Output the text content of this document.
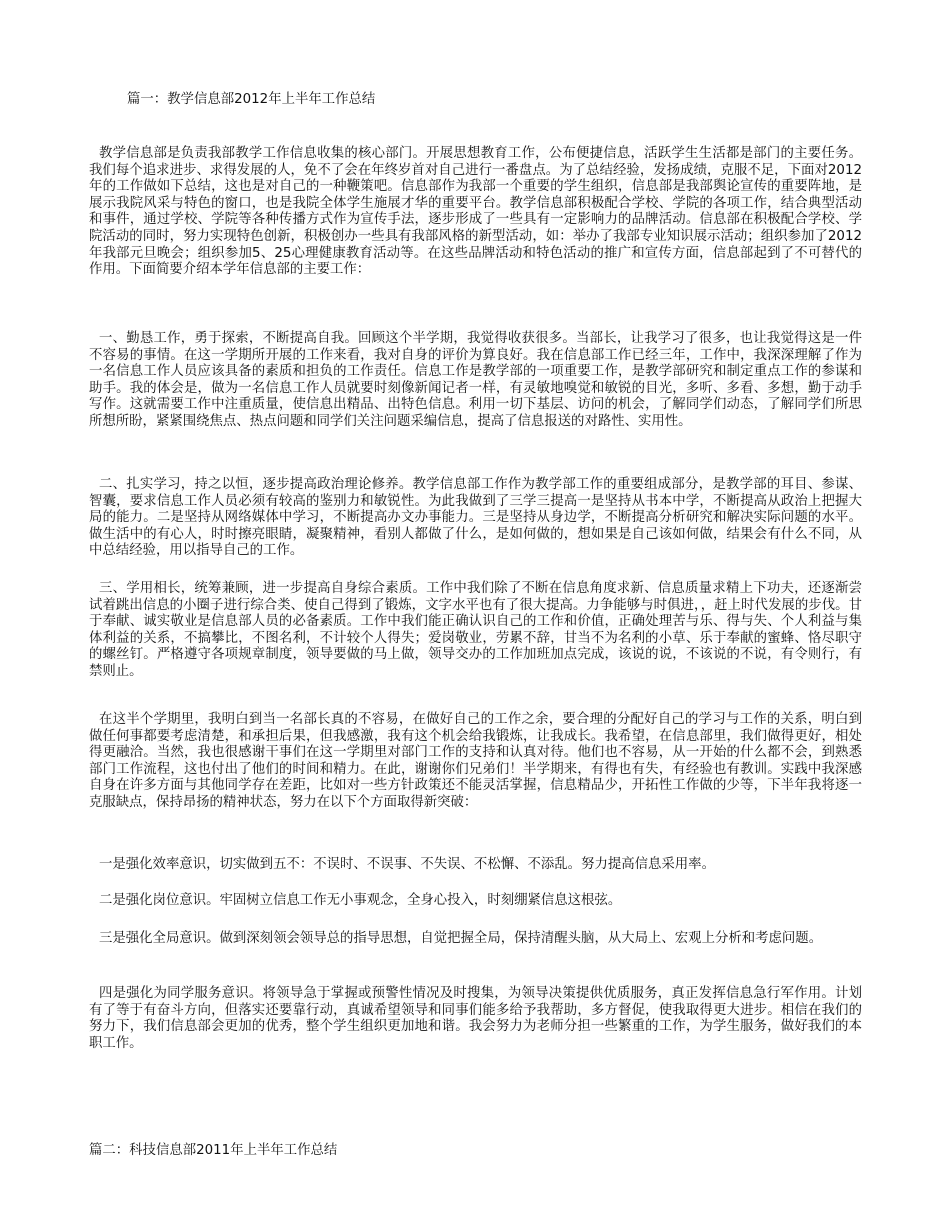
篇一：教学信息部2012年上半年工作总结

教学信息部是负责我部教学工作信息收集的核心部门。开展思想教育工作，公布便捷信息，活跃学生生活都是部门的主要任务。我们每个追求进步、求得发展的人，免不了会在年终岁首对自己进行一番盘点。为了总结经验，发扬成绩，克服不足，下面对2012年的工作做如下总结，这也是对自己的一种鞭策吧。信息部作为我部一个重要的学生组织，信息部是我部舆论宣传的重要阵地，是展示我院风采与特色的窗口，也是我院全体学生施展才华的重要平台。教学信息部积极配合学校、学院的各项工作，结合典型活动和事件，通过学校、学院等各种传播方式作为宣传手法，逐步形成了一些具有一定影响力的品牌活动。信息部在积极配合学校、学院活动的同时，努力实现特色创新，积极创办一些具有我部风格的新型活动，如：举办了我部专业知识展示活动；组织参加了2012年我部元旦晚会；组织参加5、25心理健康教育活动等。在这些品牌活动和特色活动的推广和宣传方面，信息部起到了不可替代的作用。下面简要介绍本学年信息部的主要工作：

一、勤恳工作，勇于探索，不断提高自我。回顾这个半学期，我觉得收获很多。当部长，让我学习了很多，也让我觉得这是一件不容易的事情。在这一学期所开展的工作来看，我对自身的评价为算良好。我在信息部工作已经三年，工作中，我深深理解了作为一名信息工作人员应该具备的素质和担负的工作责任。信息工作是教学部的一项重要工作，是教学部研究和制定重点工作的参谋和助手。我的体会是，做为一名信息工作人员就要时刻像新闻记者一样，有灵敏地嗅觉和敏锐的目光，多听、多看、多想，勤于动手写作。这就需要工作中注重质量，使信息出精品、出特色信息。利用一切下基层、访问的机会，了解同学们动态，了解同学们所思所想所盼，紧紧围绕焦点、热点问题和同学们关注问题采编信息，提高了信息报送的对路性、实用性。

二、扎实学习，持之以恒，逐步提高政治理论修养。教学信息部工作作为教学部工作的重要组成部分，是教学部的耳目、参谋、智囊，要求信息工作人员必须有较高的鉴别力和敏锐性。为此我做到了三学三提高一是坚持从书本中学，不断提高从政治上把握大局的能力。二是坚持从网络媒体中学习，不断提高办文办事能力。三是坚持从身边学，不断提高分析研究和解决实际问题的水平。做生活中的有心人，时时擦亮眼睛，凝聚精神，看别人都做了什么，是如何做的，想如果是自己该如何做，结果会有什么不同，从中总结经验，用以指导自己的工作。

三、学用相长，统筹兼顾，进一步提高自身综合素质。工作中我们除了不断在信息角度求新、信息质量求精上下功夫，还逐渐尝试着跳出信息的小圈子进行综合类、使自己得到了锻炼，文字水平也有了很大提高。力争能够与时俱进，，赶上时代发展的步伐。甘于奉献、诚实敬业是信息部人员的必备素质。工作中我们能正确认识自己的工作和价值，正确处理苦与乐、得与失、个人利益与集体利益的关系，不搞攀比，不图名利，不计较个人得失；爱岗敬业，劳累不辞，甘当不为名利的小草、乐于奉献的蜜蜂、恪尽职守的螺丝钉。严格遵守各项规章制度，领导要做的马上做，领导交办的工作加班加点完成，该说的说，不该说的不说，有令则行，有禁则止。

在这半个学期里，我明白到当一名部长真的不容易，在做好自己的工作之余，要合理的分配好自己的学习与工作的关系，明白到做任何事都要考虑清楚，和承担后果，但我感激，我有这个机会给我锻炼，让我成长。我希望，在信息部里，我们做得更好，相处得更融洽。当然，我也很感谢干事们在这一学期里对部门工作的支持和认真对待。他们也不容易，从一开始的什么都不会，到熟悉部门工作流程，这也付出了他们的时间和精力。在此，谢谢你们兄弟们！半学期来，有得也有失，有经验也有教训。实践中我深感自身在许多方面与其他同学存在差距，比如对一些方针政策还不能灵活掌握，信息精品少，开拓性工作做的少等，下半年我将逐一克服缺点，保持昂扬的精神状态，努力在以下个方面取得新突破：

一是强化效率意识，切实做到五不：不误时、不误事、不失误、不松懈、不添乱。努力提高信息采用率。

二是强化岗位意识。牢固树立信息工作无小事观念，全身心投入，时刻绷紧信息这根弦。

三是强化全局意识。做到深刻领会领导总的指导思想，自觉把握全局，保持清醒头脑，从大局上、宏观上分析和考虑问题。

四是强化为同学服务意识。将领导急于掌握或预警性情况及时搜集，为领导决策提供优质服务，真正发挥信息急行军作用。计划有了等于有奋斗方向，但落实还要靠行动，真诚希望领导和同事们能多给予我帮助，多方督促，使我取得更大进步。相信在我们的努力下，我们信息部会更加的优秀，整个学生组织更加地和谐。我会努力为老师分担一些繁重的工作，为学生服务，做好我们的本职工作。

篇二：科技信息部2011年上半年工作总结
